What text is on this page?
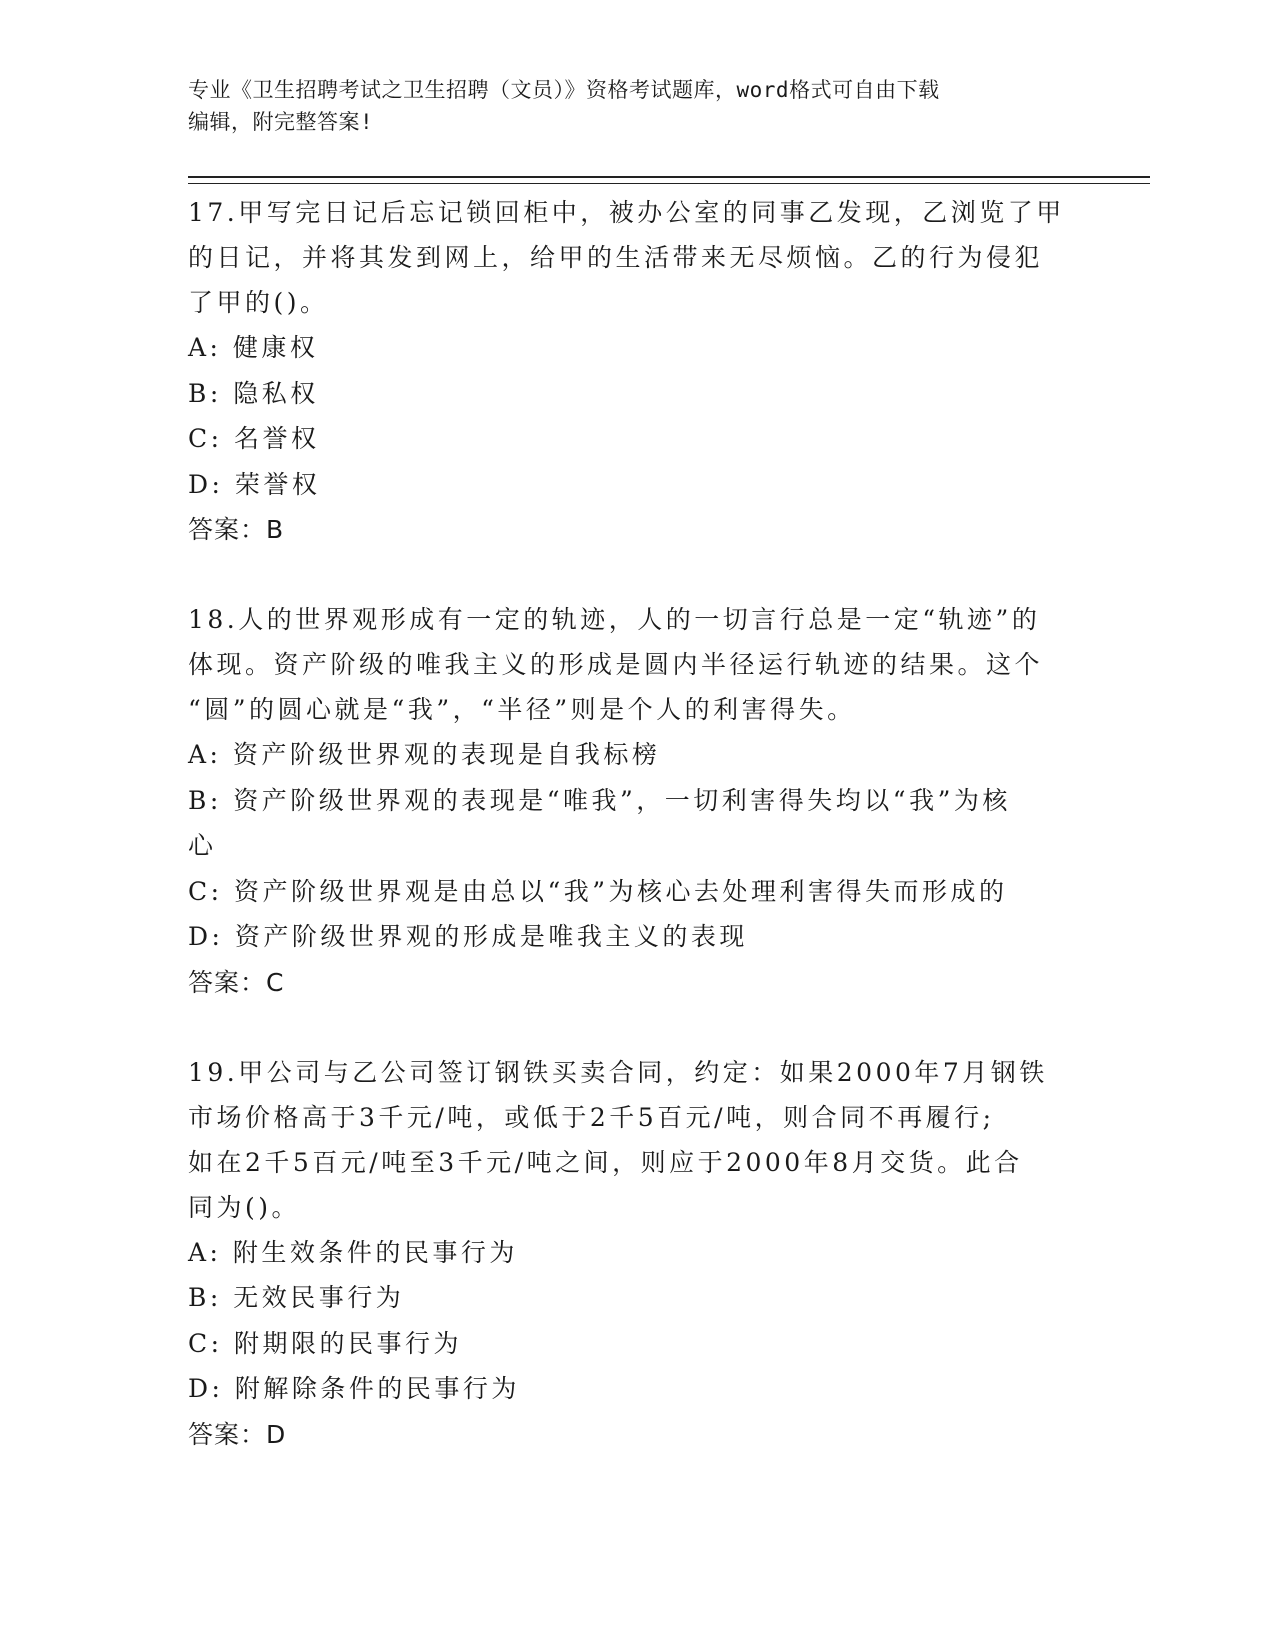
专业《卫生招聘考试之卫生招聘（文员）》资格考试题库，word格式可自由下载
编辑，附完整答案!

17.甲写完日记后忘记锁回柜中，被办公室的同事乙发现，乙浏览了甲

的日记，并将其发到网上，给甲的生活带来无尽烦恼。乙的行为侵犯

了甲的()。

A: 健康权

B: 隐私权

C: 名誉权

D: 荣誉权

答案：B

18.人的世界观形成有一定的轨迹，人的一切言行总是一定“轨迹”的

体现。资产阶级的唯我主义的形成是圆内半径运行轨迹的结果。这个

“圆”的圆心就是“我”，“半径”则是个人的利害得失。

A: 资产阶级世界观的表现是自我标榜

B: 资产阶级世界观的表现是“唯我”，一切利害得失均以“我”为核

心

C: 资产阶级世界观是由总以“我”为核心去处理利害得失而形成的

D: 资产阶级世界观的形成是唯我主义的表现

答案：C

19.甲公司与乙公司签订钢铁买卖合同，约定：如果2000年7月钢铁

市场价格高于3千元/吨，或低于2千5百元/吨，则合同不再履行;

如在2千5百元/吨至3千元/吨之间，则应于2000年8月交货。此合

同为()。

A: 附生效条件的民事行为

B: 无效民事行为

C: 附期限的民事行为

D: 附解除条件的民事行为

答案：D
